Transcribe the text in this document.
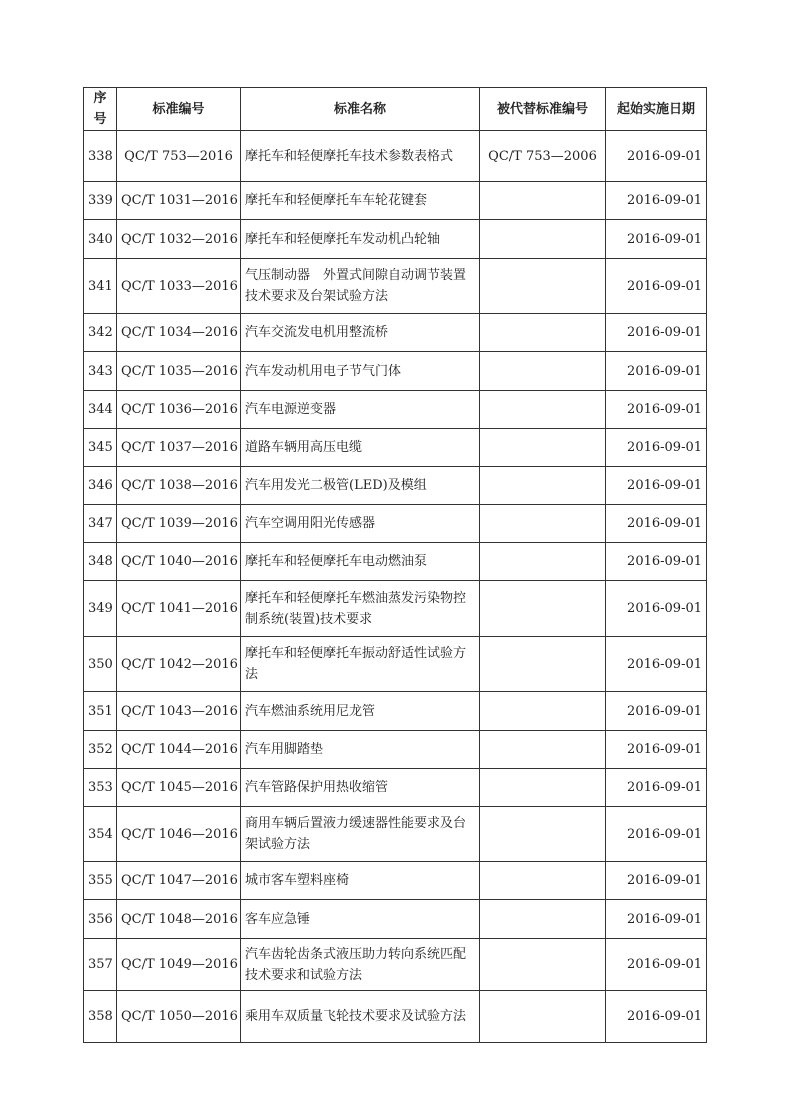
序号	标准编号	标准名称	被代替标准编号	起始实施日期
338	QC/T 753—2016	摩托车和轻便摩托车技术参数表格式	QC/T 753—2006	2016-09-01
339	QC/T 1031—2016	摩托车和轻便摩托车车轮花键套		2016-09-01
340	QC/T 1032—2016	摩托车和轻便摩托车发动机凸轮轴		2016-09-01
341	QC/T 1033—2016	气压制动器　外置式间隙自动调节装置技术要求及台架试验方法		2016-09-01
342	QC/T 1034—2016	汽车交流发电机用整流桥		2016-09-01
343	QC/T 1035—2016	汽车发动机用电子节气门体		2016-09-01
344	QC/T 1036—2016	汽车电源逆变器		2016-09-01
345	QC/T 1037—2016	道路车辆用高压电缆		2016-09-01
346	QC/T 1038—2016	汽车用发光二极管(LED)及模组		2016-09-01
347	QC/T 1039—2016	汽车空调用阳光传感器		2016-09-01
348	QC/T 1040—2016	摩托车和轻便摩托车电动燃油泵		2016-09-01
349	QC/T 1041—2016	摩托车和轻便摩托车燃油蒸发污染物控制系统(装置)技术要求		2016-09-01
350	QC/T 1042—2016	摩托车和轻便摩托车振动舒适性试验方法		2016-09-01
351	QC/T 1043—2016	汽车燃油系统用尼龙管		2016-09-01
352	QC/T 1044—2016	汽车用脚踏垫		2016-09-01
353	QC/T 1045—2016	汽车管路保护用热收缩管		2016-09-01
354	QC/T 1046—2016	商用车辆后置液力缓速器性能要求及台架试验方法		2016-09-01
355	QC/T 1047—2016	城市客车塑料座椅		2016-09-01
356	QC/T 1048—2016	客车应急锤		2016-09-01
357	QC/T 1049—2016	汽车齿轮齿条式液压助力转向系统匹配技术要求和试验方法		2016-09-01
358	QC/T 1050—2016	乘用车双质量飞轮技术要求及试验方法		2016-09-01
